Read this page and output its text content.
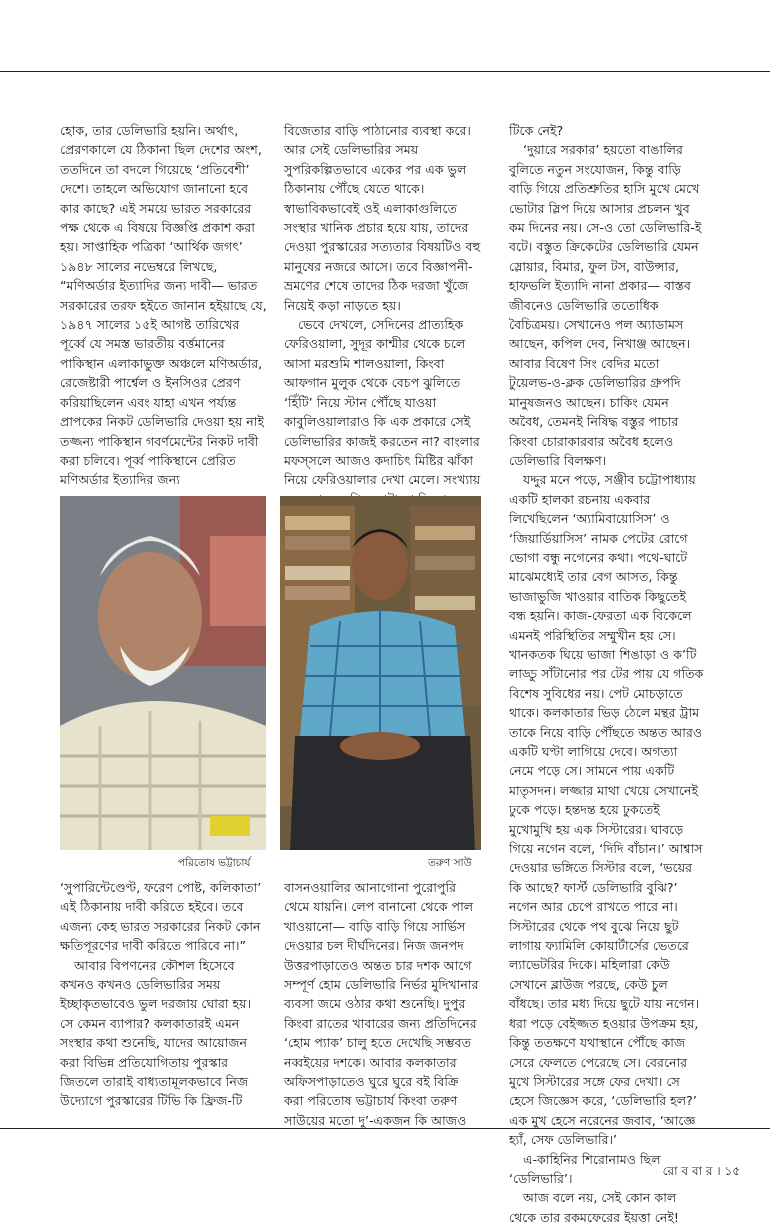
হোক, তার ডেলিভারি হয়নি। অর্থাৎ, প্রেরণকালে যে ঠিকানা ছিল দেশের অংশ, ততদিনে তা বদলে গিয়েছে ‘প্রতিবেশী’ দেশে। তাহলে অভিযোগ জানানো হবে কার কাছে? এই সময়ে ভারত সরকারের পক্ষ থেকে এ বিষয়ে বিজ্ঞপ্তি প্রকাশ করা হয়। সাপ্তাহিক পত্রিকা ‘আর্থিক জগৎ’ ১৯৪৮ সালের নভেম্বরে লিখছে, “মণিঅর্ডার ইত্যাদির জন্য দাবী— ভারত সরকারের তরফ হইতে জানান হইয়াছে যে, ১৯৪৭ সালের ১৫ই আগষ্ট তারিখের পূর্ব্বে যে সমস্ত ভারতীয় বর্ত্তমানের পাকিস্থান এলাকাভুক্ত অঞ্চলে মণিঅর্ডার, রেজেষ্টারী পার্শ্বেল ও ইনসিওর প্রেরণ করিয়াছিলেন এবং যাহা এখন পর্য্যন্ত প্রাপকের নিকট ডেলিভারি দেওয়া হয় নাই তজ্জন্য পাকিস্থান গবর্ণমেন্টের নিকট দাবী করা চলিবে। পূর্ব্ব পাকিস্থানে প্রেরিত মণিঅর্ডার ইত্যাদির জন্য

বিজেতার বাড়ি পাঠানোর ব্যবস্থা করে। আর সেই ডেলিভারির সময় সুপরিকল্পিতভাবে একের পর এক ভুল ঠিকানায় পৌঁছে যেতে থাকে। স্বাভাবিকভাবেই ওই এলাকাগুলিতে সংস্থার খানিক প্রচার হয়ে যায়, তাদের দেওয়া পুরস্কারের সত্যতার বিষয়টিও বহু মানুষের নজরে আসে। তবে বিজ্ঞাপনী-ভ্রমণের শেষে তাদের ঠিক দরজা খুঁজে নিয়েই কড়া নাড়তে হয়।

ভেবে দেখলে, সেদিনের প্রাত্যহিক ফেরিওয়ালা, সুদূর কাশ্মীর থেকে চলে আসা মরশুমি শালওয়ালা, কিংবা আফগান মুলুক থেকে বেচপ ঝুলিতে ‘হিঁটি’ নিয়ে স্টান পৌঁছে যাওয়া কাবুলিওয়ালারাও কি এক প্রকারে সেই ডেলিভারির কাজই করতেন না? বাংলার মফস্সলে আজও কদাচিৎ মিষ্টির ঝাঁকা নিয়ে ফেরিওয়ালার দেখা মেলে। সংখ্যায়

টিকে নেই?

‘দুয়ারে সরকার’ হয়তো বাঙালির বুলিতে নতুন সংযোজন, কিন্তু বাড়ি বাড়ি গিয়ে প্রতিশ্রুতির হাসি মুখে মেখে ভোটার স্লিপ দিয়ে আসার প্রচলন খুব কম দিনের নয়। সে-ও তো ডেলিভারি-ই বটে। বস্তুত ক্রিকেটের ডেলিভারি যেমন স্লোয়ার, বিমার, ফুল টস, বাউন্সার, হাফভলি ইত্যাদি নানা প্রকার— বাস্তব জীবনেও ডেলিভারি ততোধিক বৈচিত্রময়। সেখানেও পল অ্যাডামস আছেন, কপিল দেব, নিখাঞ্জ আছেন। আবার বিষেণ সিং বেদির মতো টুয়েলভ-ও-ক্লক ডেলিভারির গ্রুপদি মানুষজনও আছেন। চাকিং যেমন অবৈধ, তেমনই নিষিদ্ধ বস্তুর পাচার কিংবা চোরাকারবার অবৈধ হলেও ডেলিভারি বিলক্ষণ।

যদ্দুর মনে পড়ে, সঞ্জীব চট্টোপাধ্যায় একটি হালকা রচনায় একবার লিখেছিলেন ‘অ্যামিবায়োসিস’ ও ‘জিয়ার্ডিয়াসিস’ নামক পেটের রোগে ভোগা বন্ধু নগেনের কথা। পথে-ঘাটে মাঝেমধ্যেই তার বেগ আসত, কিন্তু ভাজাভুজি খাওয়ার বাতিক কিছুতেই বন্ধ হয়নি। কাজ-ফেরতা এক বিকেলে এমনই পরিস্থিতির সম্মুখীন হয় সে। খানকতক ঘিয়ে ভাজা শিঙাড়া ও ক’টি লাড্ডু সাঁটানোর পর টের পায় যে গতিক বিশেষ সুবিধের নয়। পেট মোচড়াতে থাকে। কলকাতার ভিড় ঠেলে মন্থর ট্রাম তাকে নিয়ে বাড়ি পৌঁছতে অন্তত আরও একটি ঘণ্টা লাগিয়ে দেবে। অগত্যা নেমে পড়ে সে। সামনে পায় একটি মাতৃসদন। লজ্জার মাথা খেয়ে সেখানেই ঢুকে পড়ে। হন্তদন্ত হয়ে ঢুকতেই মুখোমুখি হয় এক সিস্টারের। ঘাবড়ে গিয়ে নগেন বলে, ‘দিদি বাঁচান।’ আশ্বাস দেওয়ার ভঙ্গিতে সিস্টার বলে, ‘ভয়ের কি আছে? ফার্স্ট ডেলিভারি বুঝি?’ নগেন আর চেপে রাখতে পারে না। সিস্টারের থেকে পথ বুঝে নিয়ে ছুট লাগায় ফ্যামিলি কোয়ার্টার্সের ভেতরে ল্যাভেটরির দিকে। মহিলারা কেউ সেখানে ব্লাউজ পরছে, কেউ চুল বাঁধছে। তার মধ্য দিয়ে ছুটে যায় নগেন। ধরা পড়ে বেইজ্জত হওয়ার উপক্রম হয়, কিন্তু ততক্ষণে যথাস্থানে পৌঁছে কাজ সেরে ফেলতে পেরেছে সে। বেরনোর মুখে সিস্টারের সঙ্গে ফের দেখা। সে হেসে জিজ্ঞেস করে, ‘ডেলিভারি হল?’ এক মুখ হেসে নরেনের জবাব, ‘আজ্ঞে হ্যাঁ, সেফ ডেলিভারি।’

এ-কাহিনির শিরোনামও ছিল ‘ডেলিভারি’।

আজ বলে নয়, সেই কোন কাল থেকে তার রকমফেরের ইয়ত্তা নেই!

পরিতোষ ভট্টাচার্য	তরুণ সাউ

‘সুপারিন্টেণ্ডেণ্ট, ফরেণ পোষ্ট, কলিকাতা’ এই ঠিকানায় দাবী করিতে হইবে। তবে এজন্য কেহ ভারত সরকারের নিকট কোন ক্ষতিপূরণের দাবী করিতে পারিবে না।”

আবার বিপণনের কৌশল হিসেবে কখনও কখনও ডেলিভারির সময় ইচ্ছাকৃতভাবেও ভুল দরজায় ঘোরা হয়। সে কেমন ব্যাপার? কলকাতারই এমন সংস্থার কথা শুনেছি, যাদের আয়োজন করা বিভিন্ন প্রতিযোগিতায় পুরস্কার জিতলে তারাই বাধ্যতামূলকভাবে নিজ উদ্যোগে পুরস্কারের টিভি কি ফ্রিজ-টি

বাসনওয়ালির আনাগোনা পুরোপুরি থেমে যায়নি। লেপ বানানো থেকে পাল খাওয়ানো— বাড়ি বাড়ি গিয়ে সার্ভিস দেওয়ার চল দীর্ঘদিনের। নিজ জনপদ উত্তরপাড়াতেও অন্তত চার দশক আগে সম্পূর্ণ হোম ডেলিভারি নির্ভর মুদিখানার ব্যবসা জমে ওঠার কথা শুনেছি। দুপুর কিংবা রাতের খাবারের জন্য প্রতিদিনের ‘হোম প্যাক’ চালু হতে দেখেছি সম্ভবত নব্বইয়ের দশকে। আবার কলকাতার অফিসপাড়াতেও ঘুরে ঘুরে বই বিক্রি করা পরিতোষ ভট্টাচার্য কিংবা তরুণ সাউয়ের মতো দু’-একজন কি আজও

রো ব বা র । ১৫
